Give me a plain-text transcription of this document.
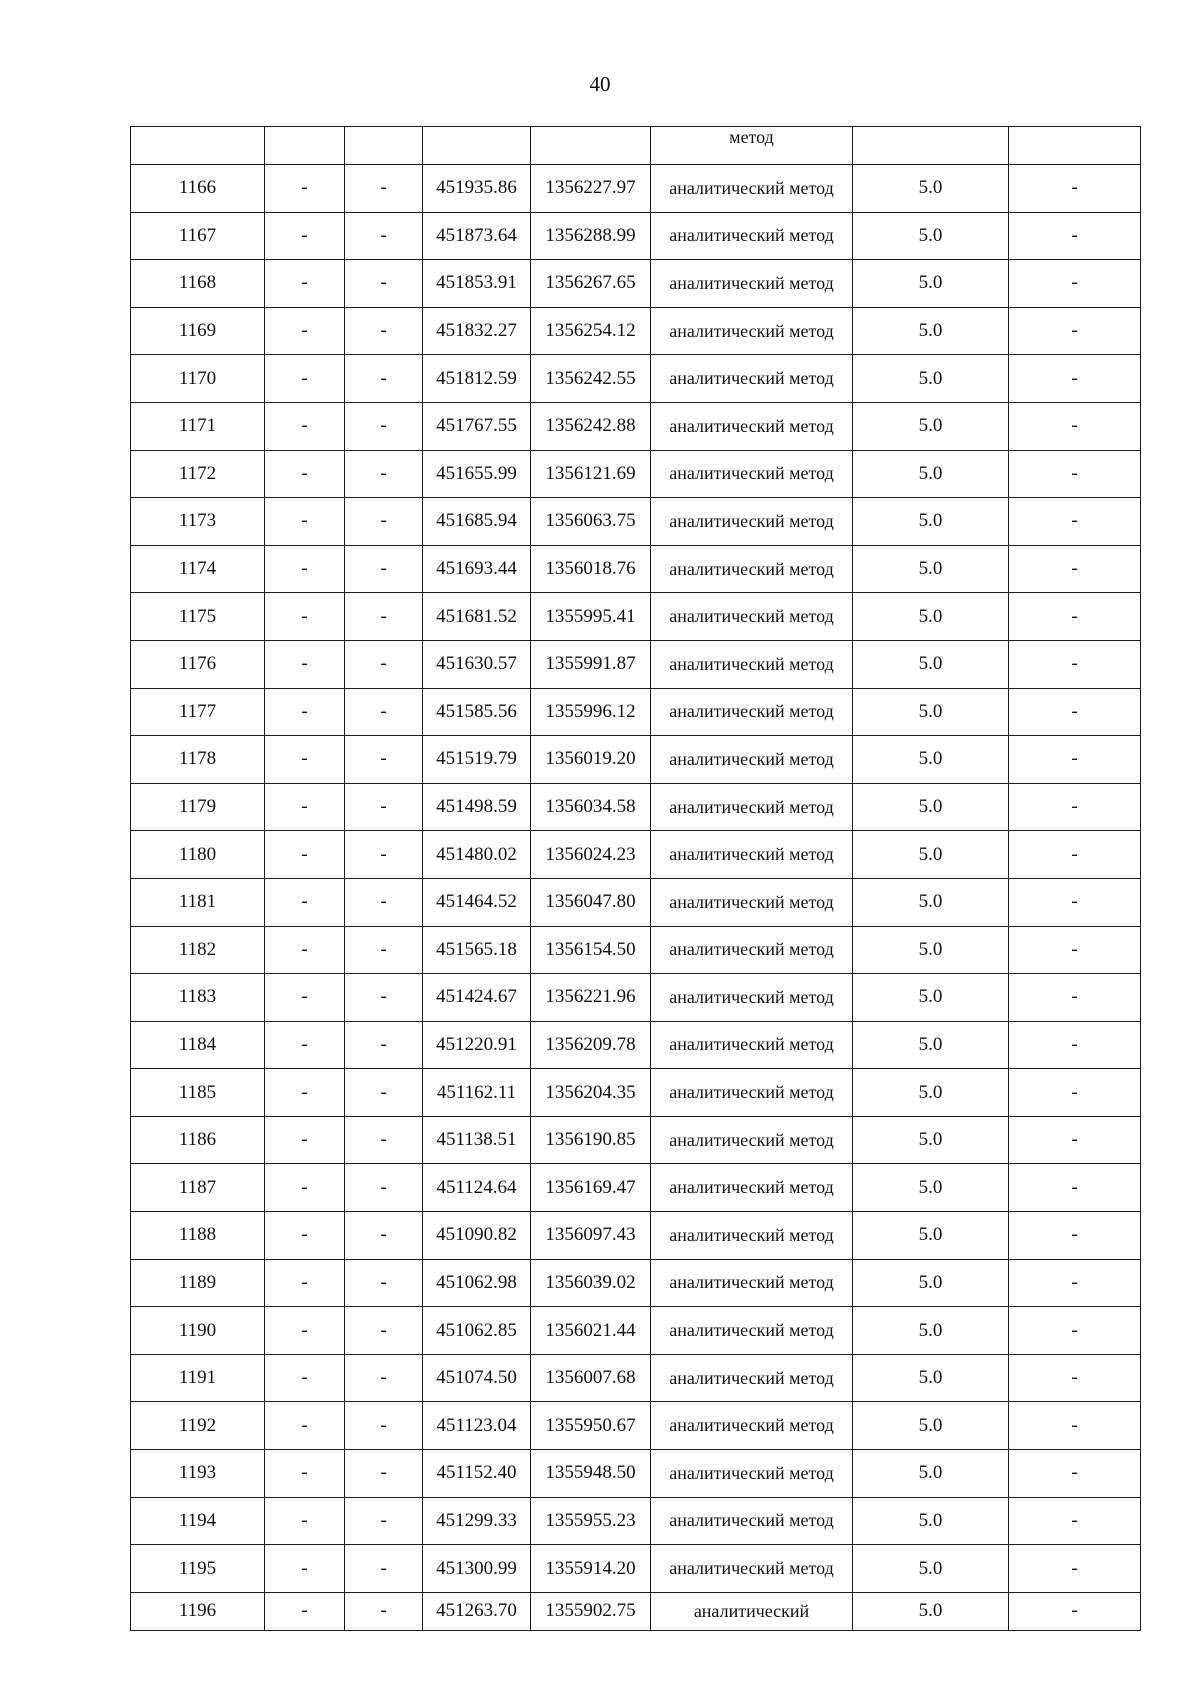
40

					метод		

1166	-	-	451935.86	1356227.97	аналитический метод	5.0	-
1167	-	-	451873.64	1356288.99	аналитический метод	5.0	-
1168	-	-	451853.91	1356267.65	аналитический метод	5.0	-
1169	-	-	451832.27	1356254.12	аналитический метод	5.0	-
1170	-	-	451812.59	1356242.55	аналитический метод	5.0	-
1171	-	-	451767.55	1356242.88	аналитический метод	5.0	-
1172	-	-	451655.99	1356121.69	аналитический метод	5.0	-
1173	-	-	451685.94	1356063.75	аналитический метод	5.0	-
1174	-	-	451693.44	1356018.76	аналитический метод	5.0	-
1175	-	-	451681.52	1355995.41	аналитический метод	5.0	-
1176	-	-	451630.57	1355991.87	аналитический метод	5.0	-
1177	-	-	451585.56	1355996.12	аналитический метод	5.0	-
1178	-	-	451519.79	1356019.20	аналитический метод	5.0	-
1179	-	-	451498.59	1356034.58	аналитический метод	5.0	-
1180	-	-	451480.02	1356024.23	аналитический метод	5.0	-
1181	-	-	451464.52	1356047.80	аналитический метод	5.0	-
1182	-	-	451565.18	1356154.50	аналитический метод	5.0	-
1183	-	-	451424.67	1356221.96	аналитический метод	5.0	-
1184	-	-	451220.91	1356209.78	аналитический метод	5.0	-
1185	-	-	451162.11	1356204.35	аналитический метод	5.0	-
1186	-	-	451138.51	1356190.85	аналитический метод	5.0	-
1187	-	-	451124.64	1356169.47	аналитический метод	5.0	-
1188	-	-	451090.82	1356097.43	аналитический метод	5.0	-
1189	-	-	451062.98	1356039.02	аналитический метод	5.0	-
1190	-	-	451062.85	1356021.44	аналитический метод	5.0	-
1191	-	-	451074.50	1356007.68	аналитический метод	5.0	-
1192	-	-	451123.04	1355950.67	аналитический метод	5.0	-
1193	-	-	451152.40	1355948.50	аналитический метод	5.0	-
1194	-	-	451299.33	1355955.23	аналитический метод	5.0	-
1195	-	-	451300.99	1355914.20	аналитический метод	5.0	-
1196	-	-	451263.70	1355902.75	аналитический	5.0	-
